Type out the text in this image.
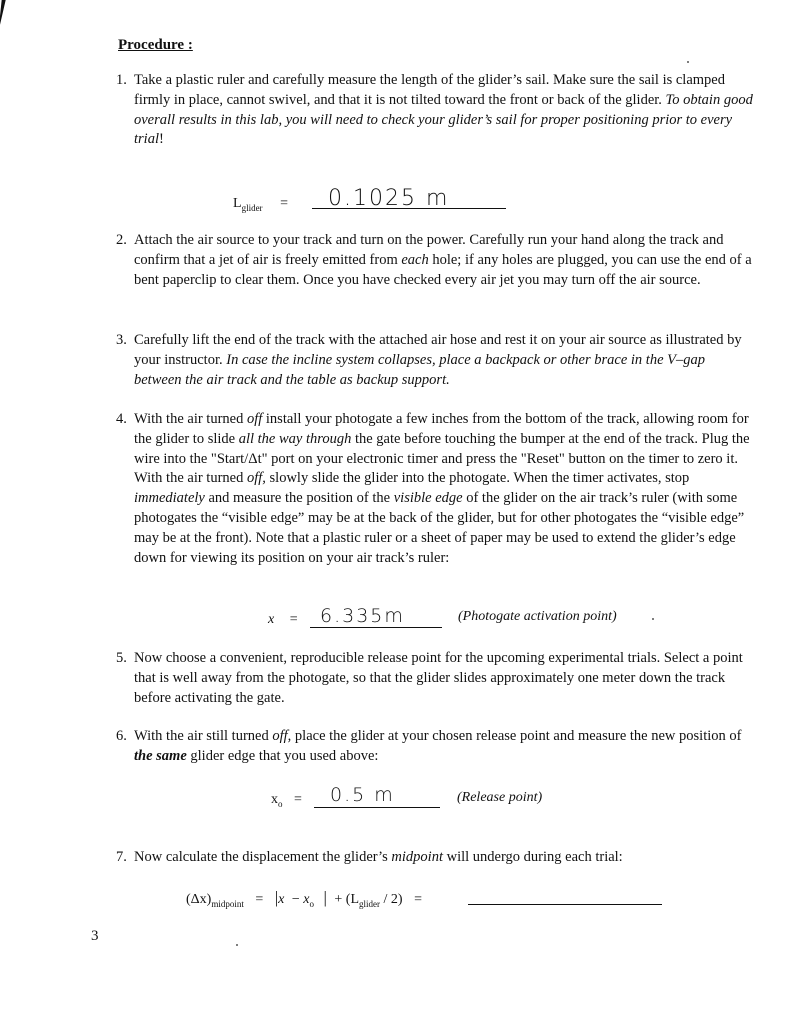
Procedure :
1. Take a plastic ruler and carefully measure the length of the glider’s sail. Make sure the sail is clamped firmly in place, cannot swivel, and that it is not tilted toward the front or back of the glider. To obtain good overall results in this lab, you will need to check your glider’s sail for proper positioning prior to every trial!
$L_{glider} = 0.1025$ m
2. Attach the air source to your track and turn on the power. Carefully run your hand along the track and confirm that a jet of air is freely emitted from each hole; if any holes are plugged, you can use the end of a bent paperclip to clear them. Once you have checked every air jet you may turn off the air source.
3. Carefully lift the end of the track with the attached air hose and rest it on your air source as illustrated by your instructor. In case the incline system collapses, place a backpack or other brace in the V–gap between the air track and the table as backup support.
4. With the air turned off install your photogate a few inches from the bottom of the track, allowing room for the glider to slide all the way through the gate before touching the bumper at the end of the track. Plug the wire into the "Start/Δt" port on your electronic timer and press the "Reset" button on the timer to zero it. With the air turned off, slowly slide the glider into the photogate. When the timer activates, stop immediately and measure the position of the visible edge of the glider on the air track’s ruler (with some photogates the “visible edge” may be at the back of the glider, but for other photogates the “visible edge” may be at the front). Note that a plastic ruler or a sheet of paper may be used to extend the glider’s edge down for viewing its position on your air track’s ruler:
x = 6.335m	(Photogate activation point)
5. Now choose a convenient, reproducible release point for the upcoming experimental trials. Select a point that is well away from the photogate, so that the glider slides approximately one meter down the track before activating the gate.
6. With the air still turned off, place the glider at your chosen release point and measure the new position of the same glider edge that you used above:
$x_o = 0.5$ m	(Release point)
7. Now calculate the displacement the glider’s midpoint will undergo during each trial:
$(\Delta x)_{midpoint} = |x - x_o$ | + $(L_{glider} / 2)$ =
3
